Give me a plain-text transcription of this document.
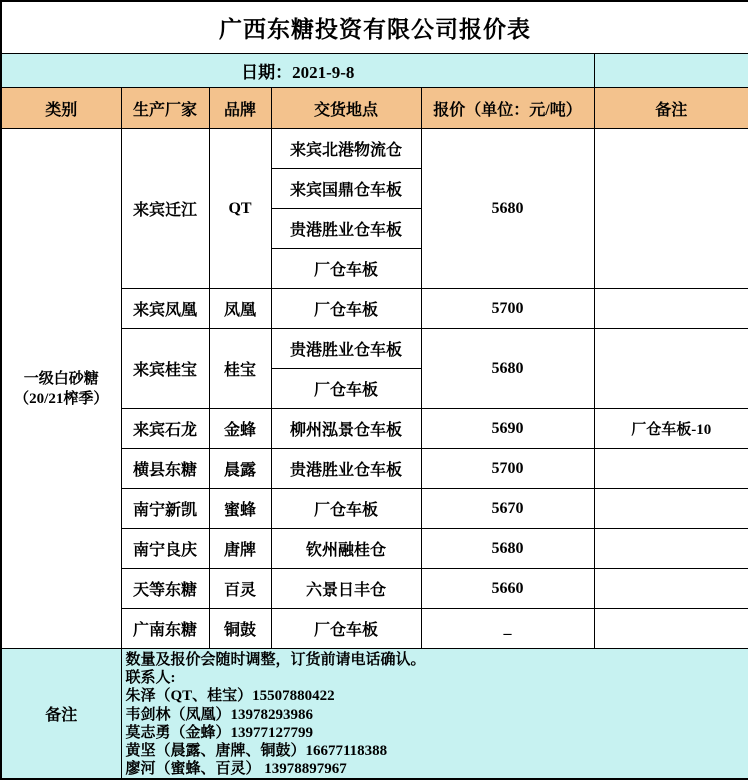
广西东糖投资有限公司报价表					
日期：2021-9-8					
类别	生产厂家	品牌	交货地点	报价（单位：元/吨）	备注

一级白砂糖
（20/21榨季）	来宾迁江	QT	来宾北港物流仓	5680	
			来宾国鼎仓车板		
			贵港胜业仓车板		
			厂仓车板		
	来宾凤凰	凤凰	厂仓车板	5700	
	来宾桂宝	桂宝	贵港胜业仓车板	5680	
			厂仓车板		
	来宾石龙	金蜂	柳州泓景仓车板	5690	厂仓车板-10
	横县东糖	晨露	贵港胜业仓车板	5700	
	南宁新凯	蜜蜂	厂仓车板	5670	
	南宁良庆	唐牌	钦州融桂仓	5680	
	天等东糖	百灵	六景日丰仓	5660	
	广南东糖	铜鼓	厂仓车板	_	
备注	
数量及报价会随时调整，订货前请电话确认。
联系人:
朱泽（QT、桂宝）15507880422
韦剑林（凤凰）13978293986
莫志勇（金蜂）13977127799
黄坚（晨露、唐牌、铜鼓）16677118388
廖河（蜜蜂、百灵） 13978897967
